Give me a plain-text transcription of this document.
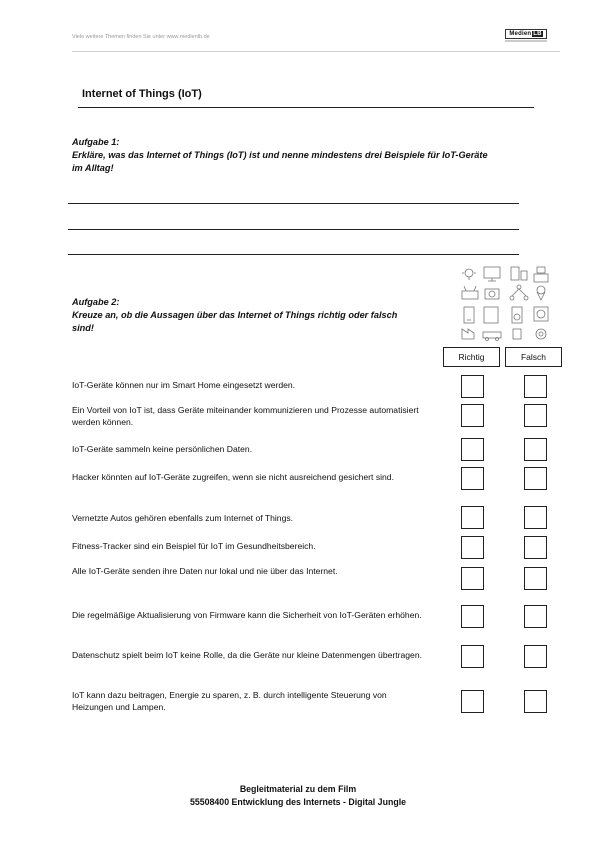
Viele weitere Themen finden Sie unter www.medienlb.de	Medien LB
Internet of Things (IoT)
Aufgabe 1:
Erkläre, was das Internet of Things (IoT) ist und nenne mindestens drei Beispiele für IoT-Geräte im Alltag!
Aufgabe 2:
Kreuze an, ob die Aussagen über das Internet of Things richtig oder falsch sind!
Richtig	Falsch
IoT-Geräte können nur im Smart Home eingesetzt werden.
Ein Vorteil von IoT ist, dass Geräte miteinander kommunizieren und Prozesse automatisiert werden können.
IoT-Geräte sammeln keine persönlichen Daten.
Hacker könnten auf IoT-Geräte zugreifen, wenn sie nicht ausreichend gesichert sind.
Vernetzte Autos gehören ebenfalls zum Internet of Things.
Fitness-Tracker sind ein Beispiel für IoT im Gesundheitsbereich.
Alle IoT-Geräte senden ihre Daten nur lokal und nie über das Internet.
Die regelmäßige Aktualisierung von Firmware kann die Sicherheit von IoT-Geräten erhöhen.
Datenschutz spielt beim IoT keine Rolle, da die Geräte nur kleine Datenmengen übertragen.
IoT kann dazu beitragen, Energie zu sparen, z. B. durch intelligente Steuerung von Heizungen und Lampen.
Begleitmaterial zu dem Film
55508400 Entwicklung des Internets - Digital Jungle
